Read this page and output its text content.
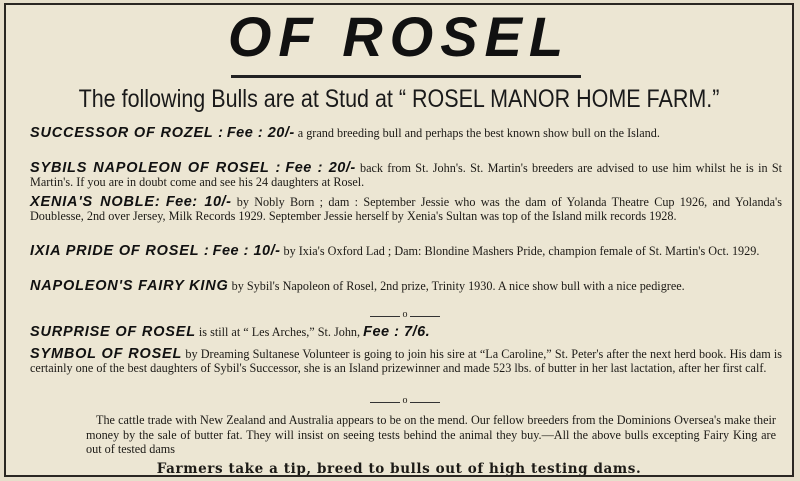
OF ROSEL
The following Bulls are at Stud at “ ROSEL MANOR HOME FARM.”
SUCCESSOR OF ROZEL : Fee : 20/- a grand breeding bull and perhaps the best known show bull on the Island.
SYBILS NAPOLEON OF ROSEL : Fee : 20/- back from St. John's. St. Martin's breeders are advised to use him whilst he is in St Martin's. If you are in doubt come and see his 24 daughters at Rosel.
XENIA'S NOBLE: Fee: 10/- by Nobly Born ; dam : September Jessie who was the dam of Yolanda Theatre Cup 1926, and Yolanda's Doublesse, 2nd over Jersey, Milk Records 1929. September Jessie herself by Xenia's Sultan was top of the Island milk records 1928.
IXIA PRIDE OF ROSEL : Fee : 10/- by Ixia's Oxford Lad ; Dam: Blondine Mashers Pride, champion female of St. Martin's Oct. 1929.
NAPOLEON'S FAIRY KING by Sybil's Napoleon of Rosel, 2nd prize, Trinity 1930. A nice show bull with a nice pedigree.
o
SURPRISE OF ROSEL is still at “ Les Arches,” St. John, Fee : 7/6.
SYMBOL OF ROSEL by Dreaming Sultanese Volunteer is going to join his sire at “La Caroline,” St. Peter's after the next herd book. His dam is certainly one of the best daughters of Sybil's Successor, she is an Island prizewinner and made 523 lbs. of butter in her last lactation, after her first calf.
o
The cattle trade with New Zealand and Australia appears to be on the mend. Our fellow breeders from the Dominions Oversea's make their money by the sale of butter fat. They will insist on seeing tests behind the animal they buy.—All the above bulls excepting Fairy King are out of tested dams
Farmers take a tip, breed to bulls out of high testing dams.
